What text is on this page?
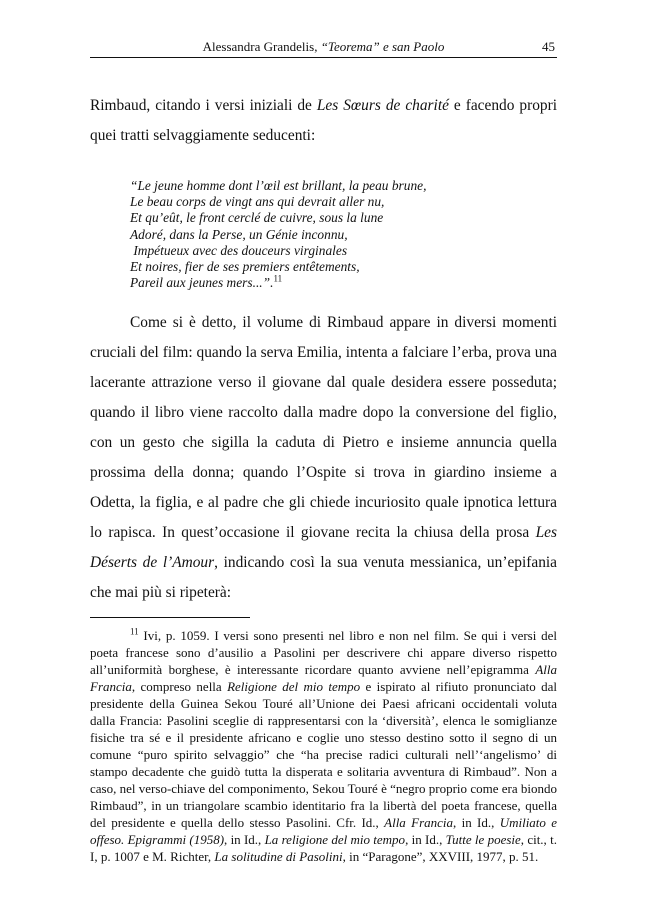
Alessandra Grandelis, “Teorema” e san Paolo	45

Rimbaud, citando i versi iniziali de Les Sœurs de charité e facendo propri quei tratti selvaggiamente seducenti:

“Le jeune homme dont l’œil est brillant, la peau brune,
Le beau corps de vingt ans qui devrait aller nu,
Et qu’eût, le front cerclé de cuivre, sous la lune
Adoré, dans la Perse, un Génie inconnu,
Impétueux avec des douceurs virginales
Et noires, fier de ses premiers entêtements,
Pareil aux jeunes mers...”.$^{11}$

Come si è detto, il volume di Rimbaud appare in diversi momenti cruciali del film: quando la serva Emilia, intenta a falciare l’erba, prova una lacerante attrazione verso il giovane dal quale desidera essere posseduta; quando il libro viene raccolto dalla madre dopo la conversione del figlio, con un gesto che sigilla la caduta di Pietro e insieme annuncia quella prossima della donna; quando l’Ospite si trova in giardino insieme a Odetta, la figlia, e al padre che gli chiede incuriosito quale ipnotica lettura lo rapisca. In quest’occasione il giovane recita la chiusa della prosa Les Déserts de l’Amour, indicando così la sua venuta messianica, un’epifania che mai più si ripeterà:

$^{11}$ Ivi, p. 1059. I versi sono presenti nel libro e non nel film. Se qui i versi del poeta francese sono d’ausilio a Pasolini per descrivere chi appare diverso rispetto all’uniformità borghese, è interessante ricordare quanto avviene nell’epigramma Alla Francia, compreso nella Religione del mio tempo e ispirato al rifiuto pronunciato dal presidente della Guinea Sekou Touré all’Unione dei Paesi africani occidentali voluta dalla Francia: Pasolini sceglie di rappresentarsi con la ‘diversità’, elenca le somiglianze fisiche tra sé e il presidente africano e coglie uno stesso destino sotto il segno di un comune “puro spirito selvaggio” che “ha precise radici culturali nell’‘angelismo’ di stampo decadente che guidò tutta la disperata e solitaria avventura di Rimbaud”. Non a caso, nel verso-chiave del componimento, Sekou Touré è “negro proprio come era biondo Rimbaud”, in un triangolare scambio identitario fra la libertà del poeta francese, quella del presidente e quella dello stesso Pasolini. Cfr. Id., Alla Francia, in Id., Umiliato e offeso. Epigrammi (1958), in Id., La religione del mio tempo, in Id., Tutte le poesie, cit., t. I, p. 1007 e M. Richter, La solitudine di Pasolini, in “Paragone”, XXVIII, 1977, p. 51.
